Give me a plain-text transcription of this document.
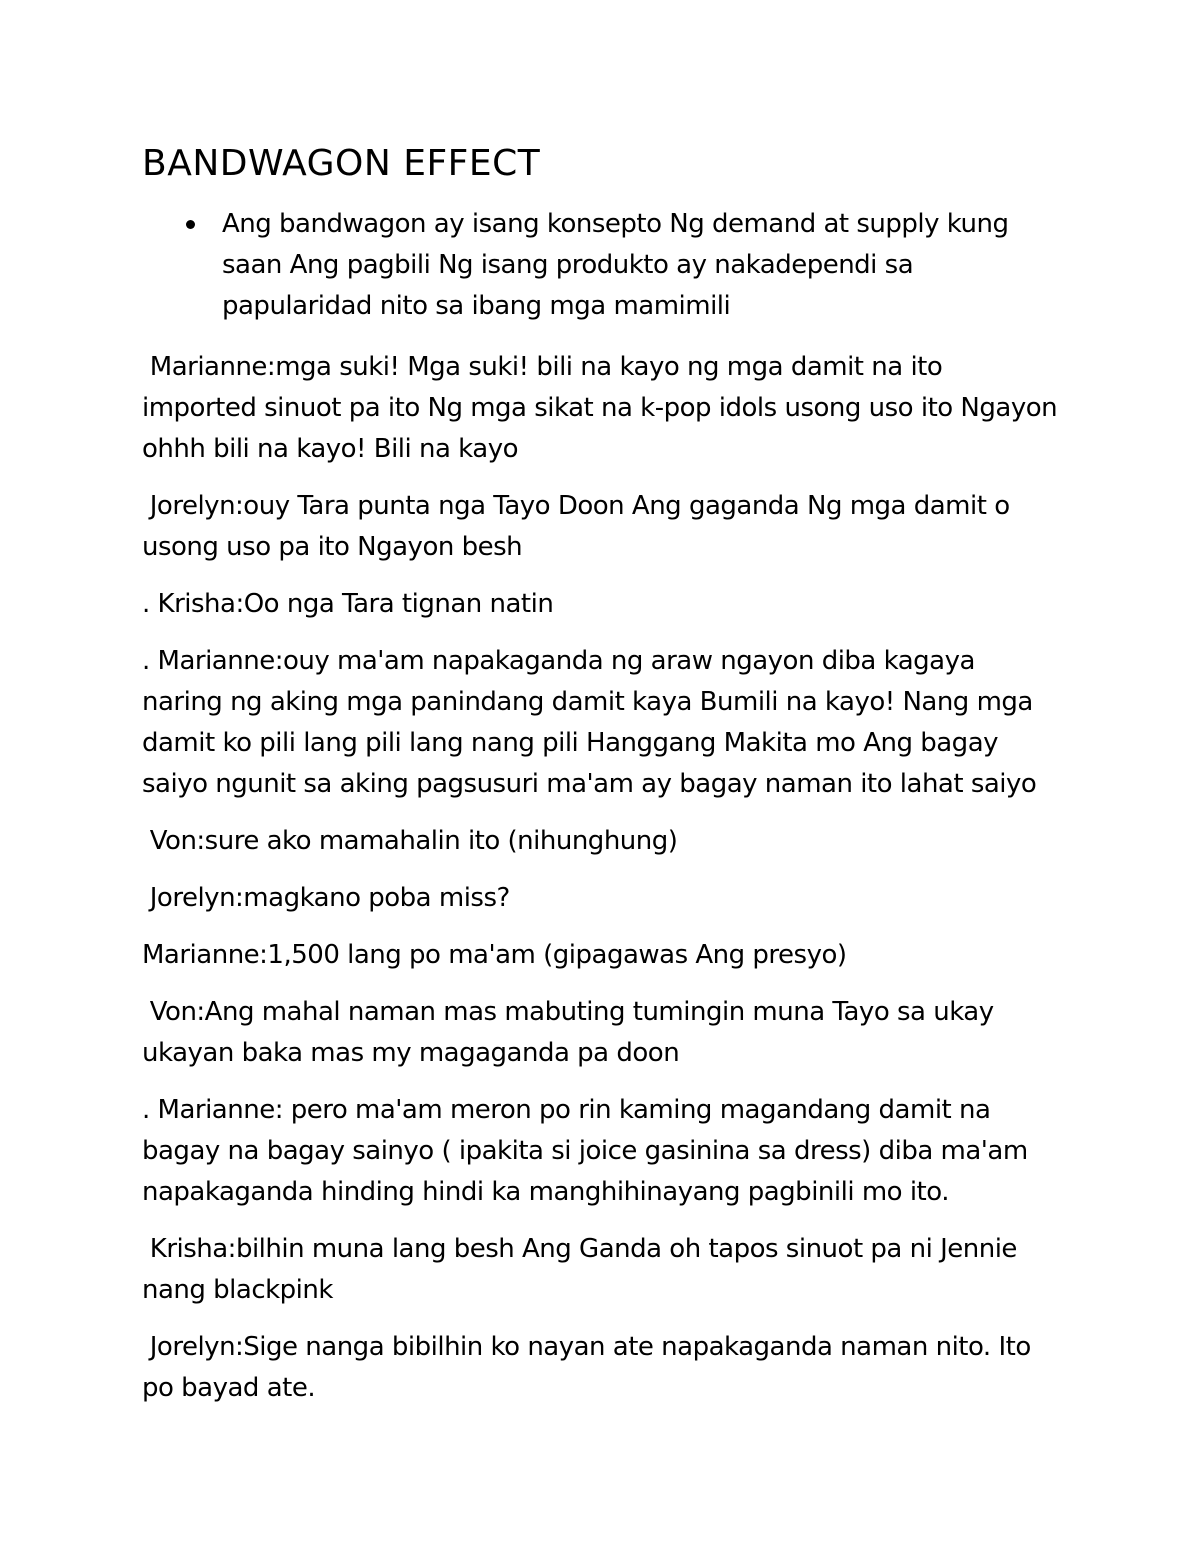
BANDWAGON EFFECT
Ang bandwagon ay isang konsepto Ng demand at supply kung saan Ang pagbili Ng isang produkto ay nakadependi sa papularidad nito sa ibang mga mamimili

Marianne:mga suki! Mga suki! bili na kayo ng mga damit na ito imported sinuot pa ito Ng mga sikat na k-pop idols usong uso ito Ngayon ohhh bili na kayo! Bili na kayo

Jorelyn:ouy Tara punta nga Tayo Doon Ang gaganda Ng mga damit o usong uso pa ito Ngayon besh

. Krisha:Oo nga Tara tignan natin

. Marianne:ouy ma'am napakaganda ng araw ngayon diba kagaya naring ng aking mga panindang damit kaya Bumili na kayo! Nang mga damit ko pili lang pili lang nang pili Hanggang Makita mo Ang bagay saiyo ngunit sa aking pagsusuri ma'am ay bagay naman ito lahat saiyo

Von:sure ako mamahalin ito (nihunghung)

Jorelyn:magkano poba miss?

Marianne:1,500 lang po ma'am (gipagawas Ang presyo)

Von:Ang mahal naman mas mabuting tumingin muna Tayo sa ukay ukayan baka mas my magaganda pa doon

. Marianne: pero ma'am meron po rin kaming magandang damit na bagay na bagay sainyo ( ipakita si joice gasinina sa dress) diba ma'am napakaganda hinding hindi ka manghihinayang pagbinili mo ito.

Krisha:bilhin muna lang besh Ang Ganda oh tapos sinuot pa ni Jennie nang blackpink

Jorelyn:Sige nanga bibilhin ko nayan ate napakaganda naman nito. Ito po bayad ate.
